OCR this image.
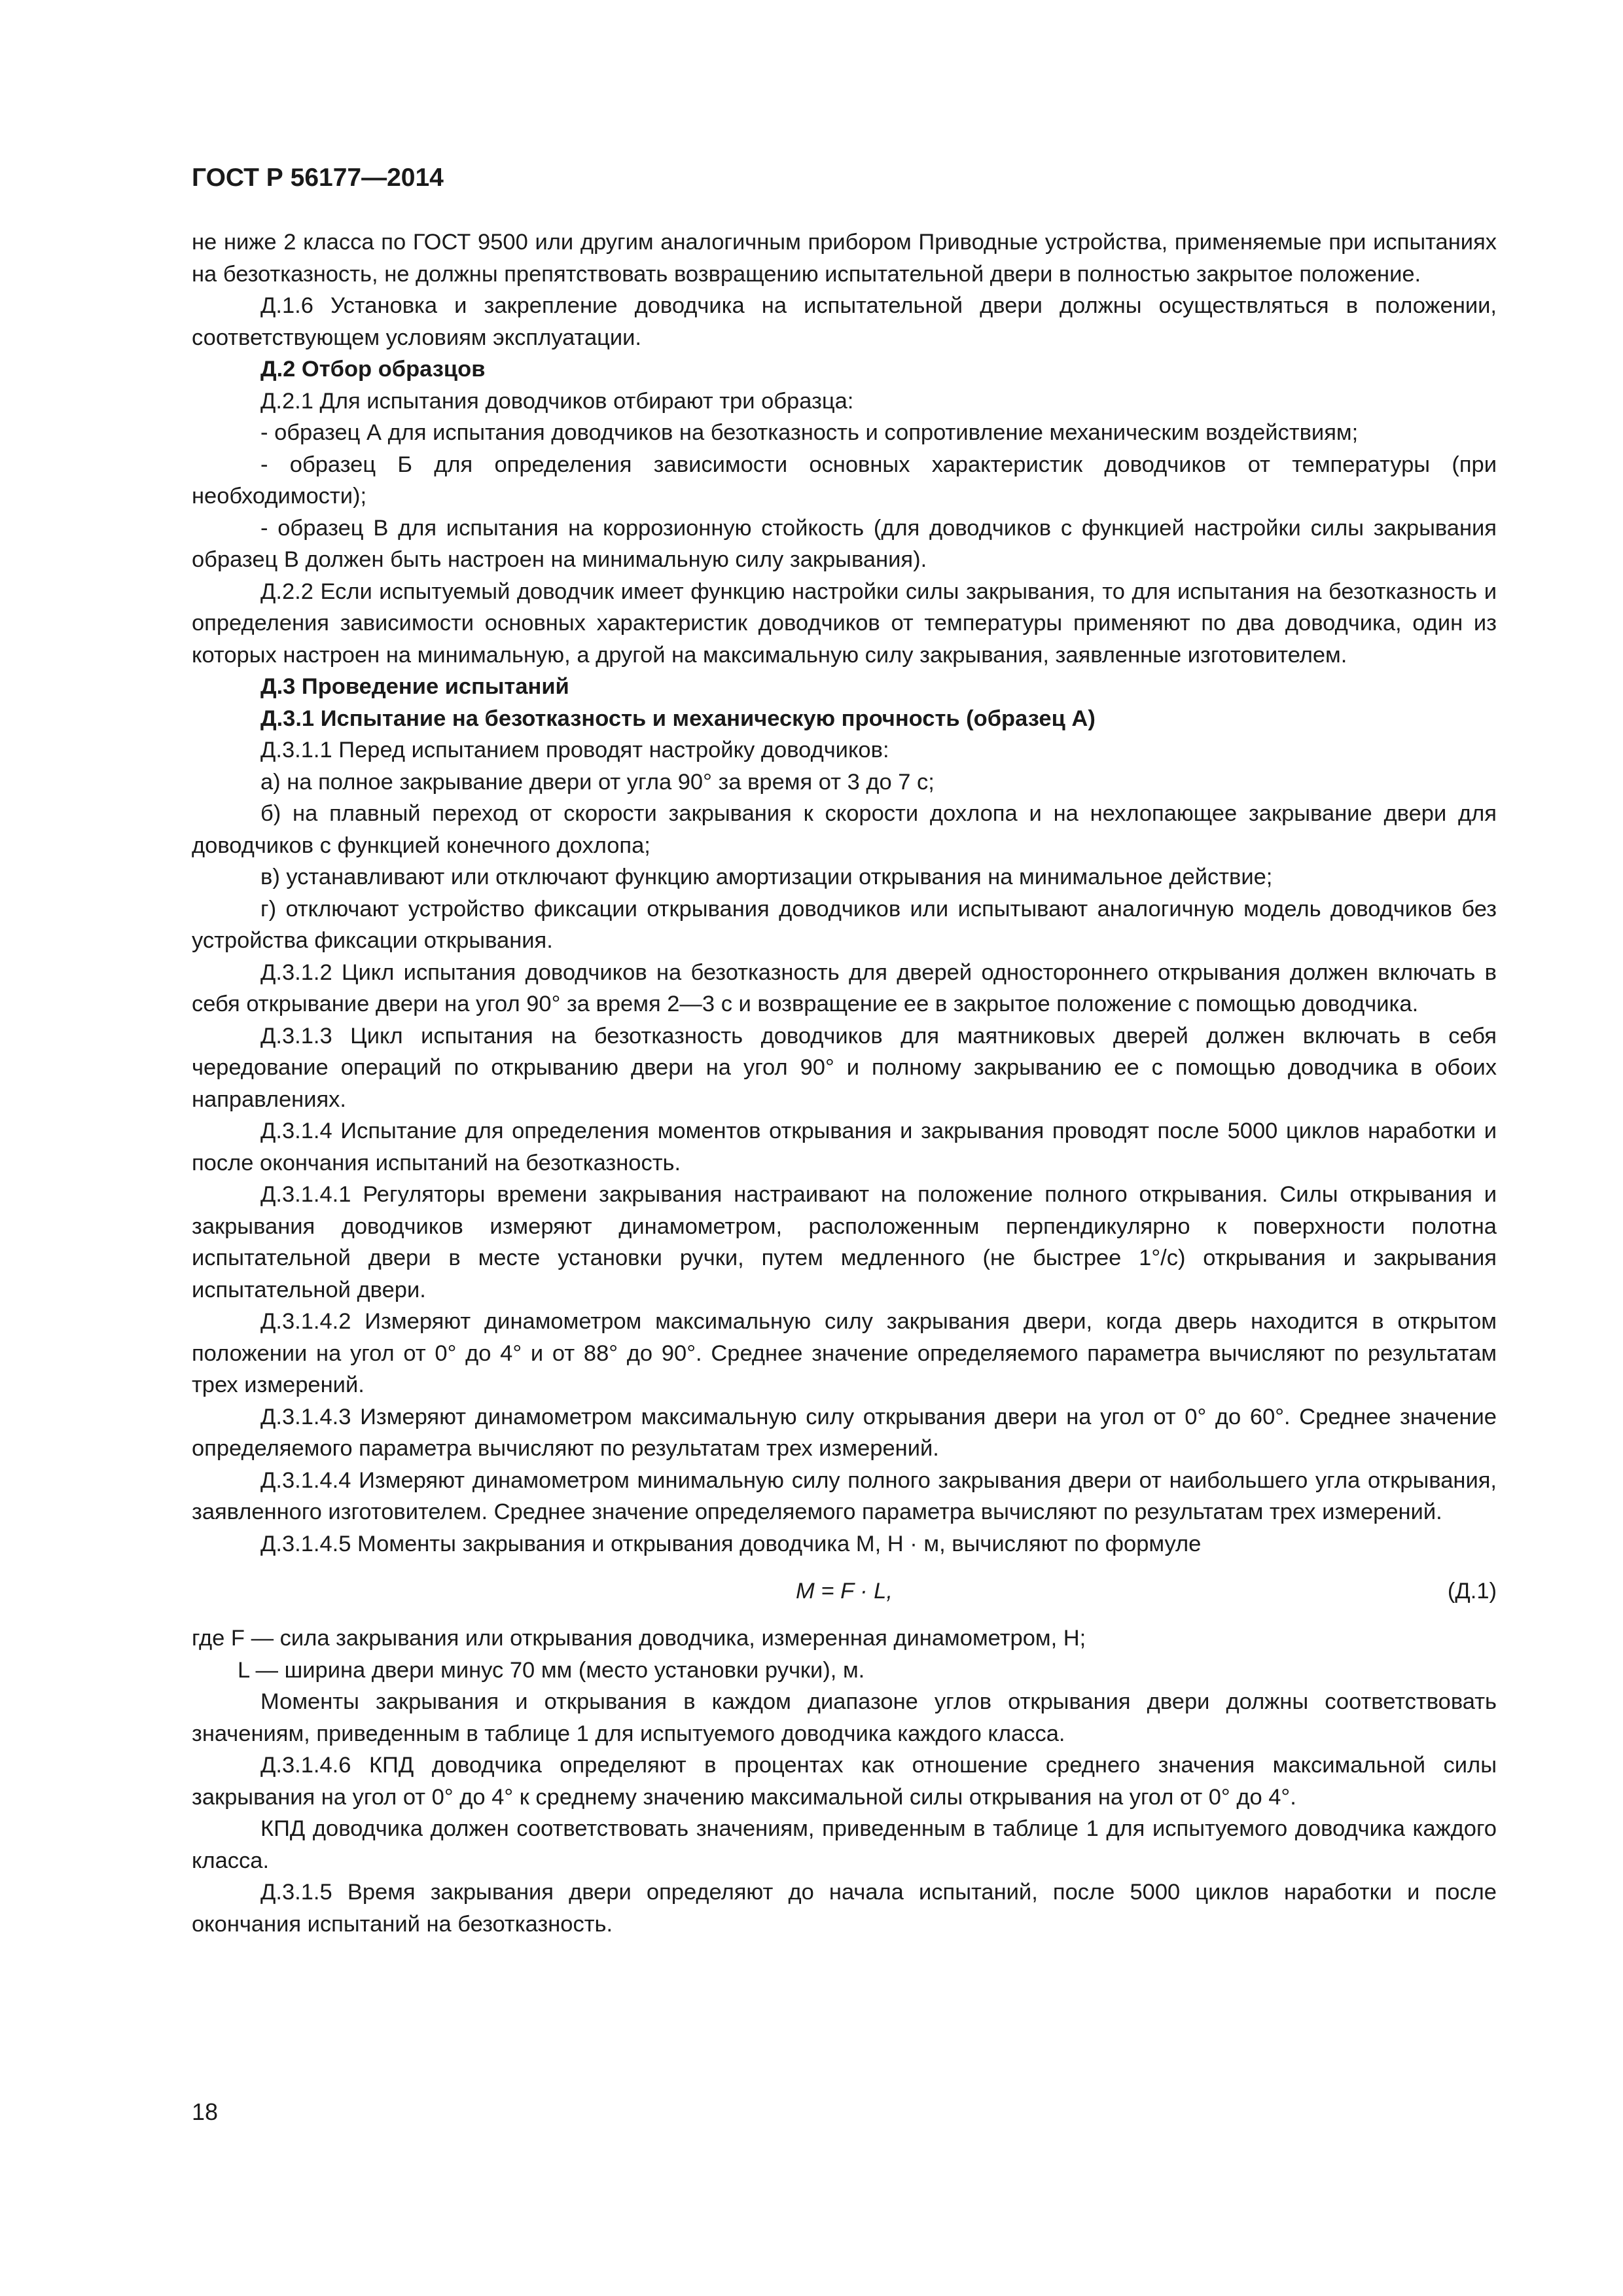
ГОСТ Р 56177—2014

не ниже 2 класса по ГОСТ 9500 или другим аналогичным прибором Приводные устройства, применяемые при испытаниях на безотказность, не должны препятствовать возвращению испытательной двери в полностью закрытое положение.

Д.1.6 Установка и закрепление доводчика на испытательной двери должны осуществляться в положении, соответствующем условиям эксплуатации.

Д.2 Отбор образцов

Д.2.1 Для испытания доводчиков отбирают три образца:

- образец А для испытания доводчиков на безотказность и сопротивление механическим воздействиям;

- образец Б для определения зависимости основных характеристик доводчиков от температуры (при необходимости);

- образец В для испытания на коррозионную стойкость (для доводчиков с функцией настройки силы закрывания образец В должен быть настроен на минимальную силу закрывания).

Д.2.2 Если испытуемый доводчик имеет функцию настройки силы закрывания, то для испытания на безотказность и определения зависимости основных характеристик доводчиков от температуры применяют по два доводчика, один из которых настроен на минимальную, а другой на максимальную силу закрывания, заявленные изготовителем.

Д.3 Проведение испытаний

Д.3.1 Испытание на безотказность и механическую прочность (образец А)

Д.3.1.1 Перед испытанием проводят настройку доводчиков:

а) на полное закрывание двери от угла 90° за время от 3 до 7 с;

б) на плавный переход от скорости закрывания к скорости дохлопа и на нехлопающее закрывание двери для доводчиков с функцией конечного дохлопа;

в) устанавливают или отключают функцию амортизации открывания на минимальное действие;

г) отключают устройство фиксации открывания доводчиков или испытывают аналогичную модель доводчиков без устройства фиксации открывания.

Д.3.1.2 Цикл испытания доводчиков на безотказность для дверей одностороннего открывания должен включать в себя открывание двери на угол 90° за время 2—3 с и возвращение ее в закрытое положение с помощью доводчика.

Д.3.1.3 Цикл испытания на безотказность доводчиков для маятниковых дверей должен включать в себя чередование операций по открыванию двери на угол 90° и полному закрыванию ее с помощью доводчика в обоих направлениях.

Д.3.1.4 Испытание для определения моментов открывания и закрывания проводят после 5000 циклов наработки и после окончания испытаний на безотказность.

Д.3.1.4.1 Регуляторы времени закрывания настраивают на положение полного открывания. Силы открывания и закрывания доводчиков измеряют динамометром, расположенным перпендикулярно к поверхности полотна испытательной двери в месте установки ручки, путем медленного (не быстрее 1°/с) открывания и закрывания испытательной двери.

Д.3.1.4.2 Измеряют динамометром максимальную силу закрывания двери, когда дверь находится в открытом положении на угол от 0° до 4° и от 88° до 90°. Среднее значение определяемого параметра вычисляют по результатам трех измерений.

Д.3.1.4.3 Измеряют динамометром максимальную силу открывания двери на угол от 0° до 60°. Среднее значение определяемого параметра вычисляют по результатам трех измерений.

Д.3.1.4.4 Измеряют динамометром минимальную силу полного закрывания двери от наибольшего угла открывания, заявленного изготовителем. Среднее значение определяемого параметра вычисляют по результатам трех измерений.

Д.3.1.4.5 Моменты закрывания и открывания доводчика M, Н · м, вычисляют по формуле

M = F · L,	(Д.1)

где F — сила закрывания или открывания доводчика, измеренная динамометром, Н;

L — ширина двери минус 70 мм (место установки ручки), м.

Моменты закрывания и открывания в каждом диапазоне углов открывания двери должны соответствовать значениям, приведенным в таблице 1 для испытуемого доводчика каждого класса.

Д.3.1.4.6 КПД доводчика определяют в процентах как отношение среднего значения максимальной силы закрывания на угол от 0° до 4° к среднему значению максимальной силы открывания на угол от 0° до 4°.

КПД доводчика должен соответствовать значениям, приведенным в таблице 1 для испытуемого доводчика каждого класса.

Д.3.1.5 Время закрывания двери определяют до начала испытаний, после 5000 циклов наработки и после окончания испытаний на безотказность.

18
